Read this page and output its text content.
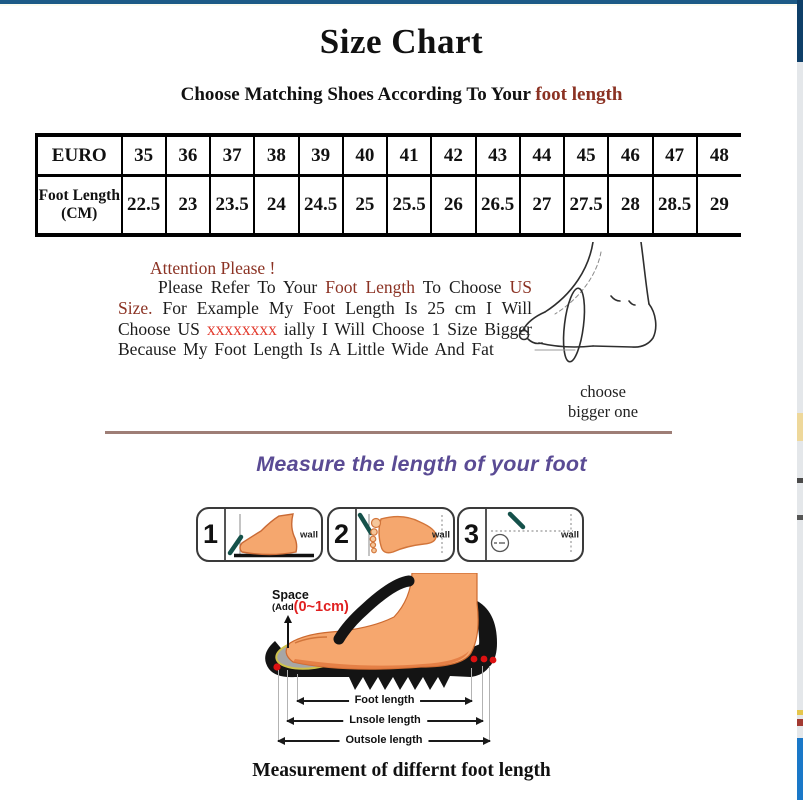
Size Chart
Choose Matching Shoes According To Your foot length
EURO	35	36	37	38	39	40	41	42	43	44	45	46	47	48
Foot Length (CM)	22.5	23	23.5	24	24.5	25	25.5	26	26.5	27	27.5	28	28.5	29
Attention Please !

Please Refer To Your Foot Length To Choose US Size. For Example My Foot Length Is 25 cm I Will Choose US xxxxxxxx ially I Will Choose 1 Size Bigger Because My Foot Length Is A Little Wide And Fat

choose
bigger one
Measure the length of your foot
1	wall 2	wall 3	wall
Space
(Add(0~1cm)
Foot length
Lnsole length
Outsole length
Measurement of differnt foot length
